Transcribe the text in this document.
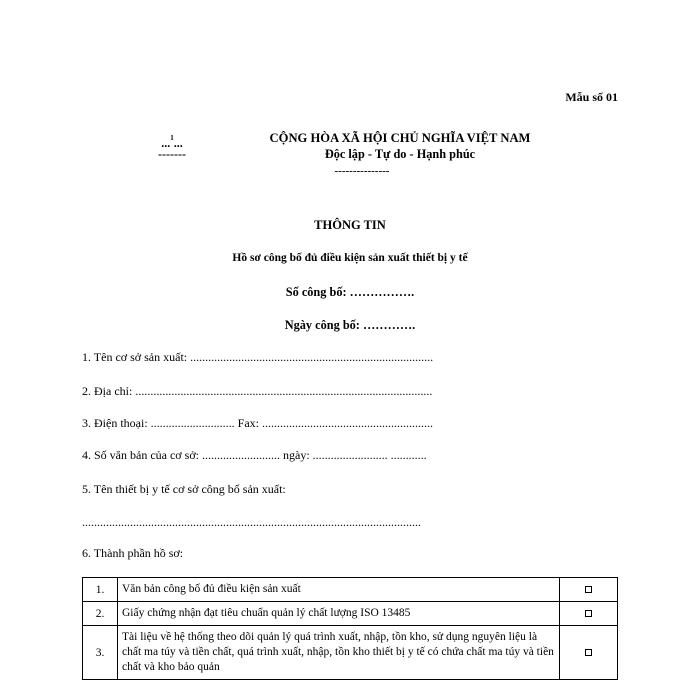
Mẫu số 01
...$^1$...
-------
CỘNG HÒA XÃ HỘI CHỦ NGHĨA VIỆT NAM
Độc lập - Tự do - Hạnh phúc
---------------
THÔNG TIN
Hồ sơ công bố đủ điều kiện sản xuất thiết bị y tế
Số công bố: …………….
Ngày công bố: ………….
1. Tên cơ sở sản xuất: .................................................................................
2. Địa chỉ: ...................................................................................................
3. Điện thoại: ............................ Fax: .........................................................
4. Số văn bản của cơ sở: .......................... ngày: ......................... ............
5. Tên thiết bị y tế cơ sở công bố sản xuất:
.................................................................................................................
6. Thành phần hồ sơ:
1.	Văn bản công bố đủ điều kiện sản xuất	
2.	Giấy chứng nhận đạt tiêu chuẩn quản lý chất lượng ISO 13485	
3.	Tài liệu về hệ thống theo dõi quản lý quá trình xuất, nhập, tồn kho, sử dụng nguyên liệu là chất ma túy và tiền chất, quá trình xuất, nhập, tồn kho thiết bị y tế có chứa chất ma túy và tiền chất và kho bảo quản	
